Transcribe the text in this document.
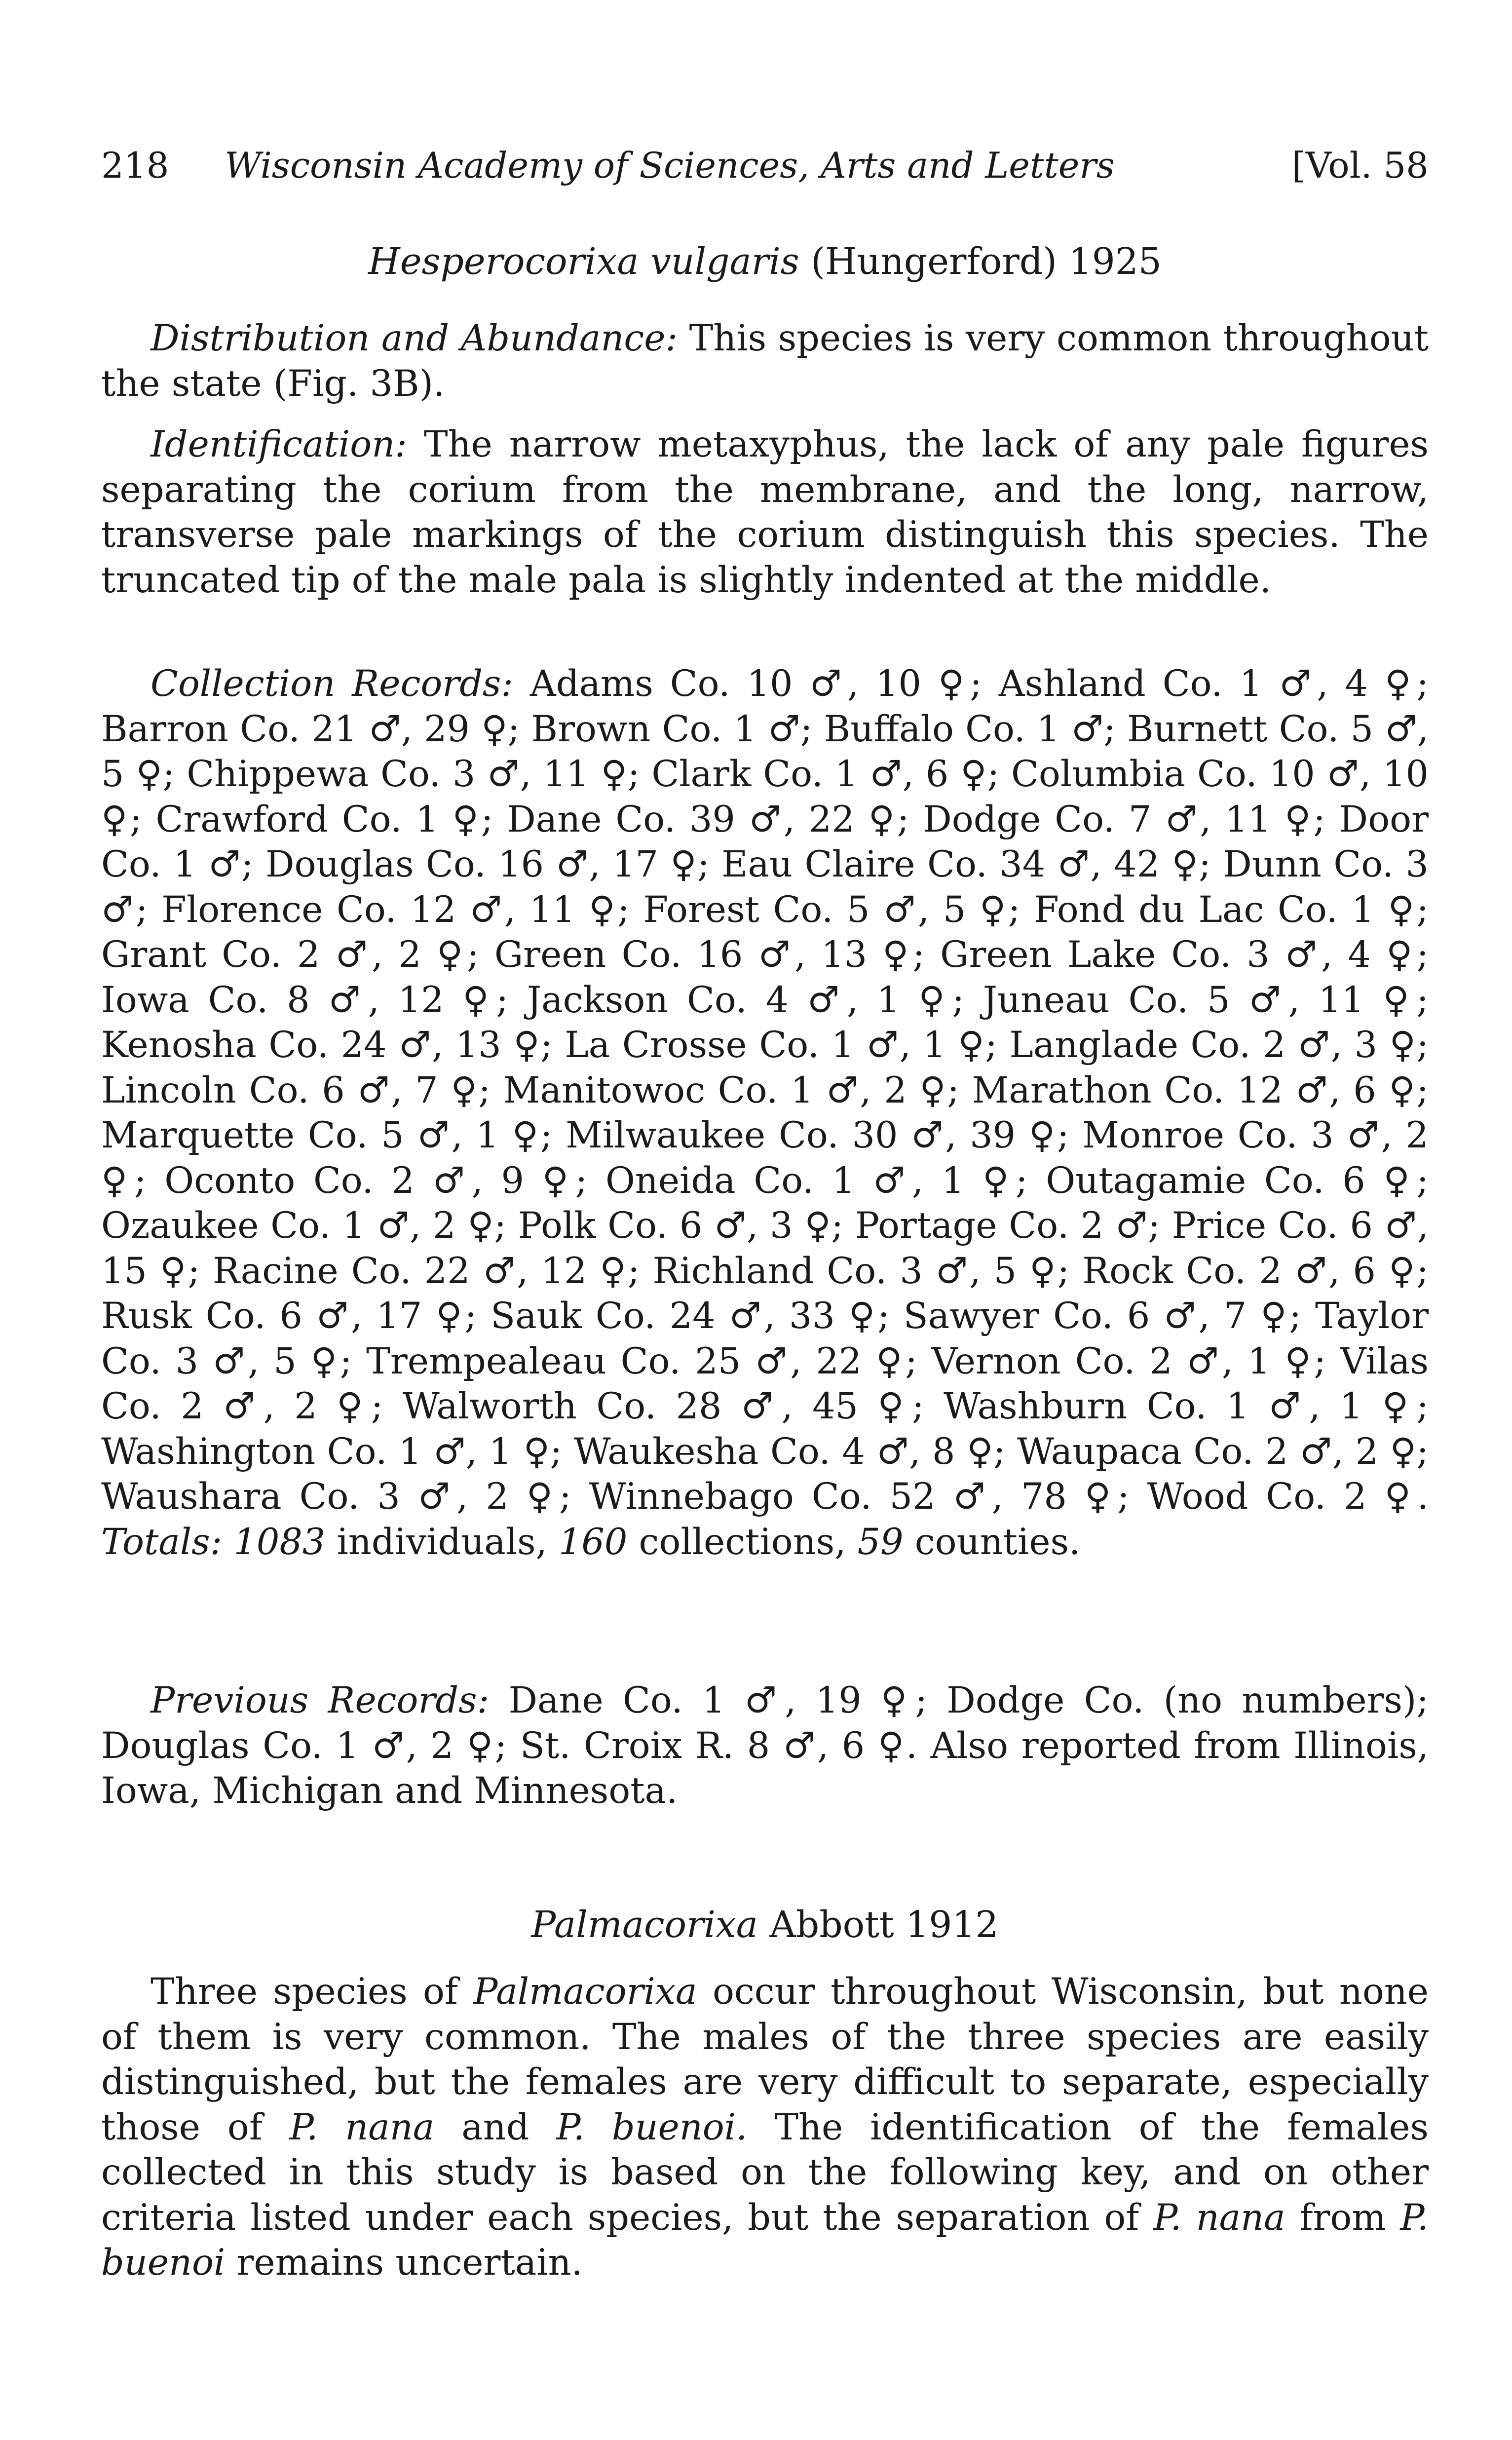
218 Wisconsin Academy of Sciences, Arts and Letters	[Vol. 58
Hesperocorixa vulgaris (Hungerford) 1925

Distribution and Abundance: This species is very common throughout the state (Fig. 3B).

Identification: The narrow metaxyphus, the lack of any pale figures separating the corium from the membrane, and the long, narrow, transverse pale markings of the corium distinguish this species. The truncated tip of the male pala is slightly indented at the middle.

Collection Records: Adams Co. 10 ♂, 10 ♀; Ashland Co. 1 ♂, 4 ♀; Barron Co. 21 ♂, 29 ♀; Brown Co. 1 ♂; Buffalo Co. 1 ♂; Burnett Co. 5 ♂, 5 ♀; Chippewa Co. 3 ♂, 11 ♀; Clark Co. 1 ♂, 6 ♀; Columbia Co. 10 ♂, 10 ♀; Crawford Co. 1 ♀; Dane Co. 39 ♂, 22 ♀; Dodge Co. 7 ♂, 11 ♀; Door Co. 1 ♂; Douglas Co. 16 ♂, 17 ♀; Eau Claire Co. 34 ♂, 42 ♀; Dunn Co. 3 ♂; Florence Co. 12 ♂, 11 ♀; Forest Co. 5 ♂, 5 ♀; Fond du Lac Co. 1 ♀; Grant Co. 2 ♂, 2 ♀; Green Co. 16 ♂, 13 ♀; Green Lake Co. 3 ♂, 4 ♀; Iowa Co. 8 ♂, 12 ♀; Jackson Co. 4 ♂, 1 ♀; Juneau Co. 5 ♂, 11 ♀; Kenosha Co. 24 ♂, 13 ♀; La Crosse Co. 1 ♂, 1 ♀; Langlade Co. 2 ♂, 3 ♀; Lincoln Co. 6 ♂, 7 ♀; Manitowoc Co. 1 ♂, 2 ♀; Marathon Co. 12 ♂, 6 ♀; Marquette Co. 5 ♂, 1 ♀; Milwaukee Co. 30 ♂, 39 ♀; Monroe Co. 3 ♂, 2 ♀; Oconto Co. 2 ♂, 9 ♀; Oneida Co. 1 ♂, 1 ♀; Outagamie Co. 6 ♀; Ozaukee Co. 1 ♂, 2 ♀; Polk Co. 6 ♂, 3 ♀; Portage Co. 2 ♂; Price Co. 6 ♂, 15 ♀; Racine Co. 22 ♂, 12 ♀; Richland Co. 3 ♂, 5 ♀; Rock Co. 2 ♂, 6 ♀; Rusk Co. 6 ♂, 17 ♀; Sauk Co. 24 ♂, 33 ♀; Sawyer Co. 6 ♂, 7 ♀; Taylor Co. 3 ♂, 5 ♀; Trempealeau Co. 25 ♂, 22 ♀; Vernon Co. 2 ♂, 1 ♀; Vilas Co. 2 ♂, 2 ♀; Walworth Co. 28 ♂, 45 ♀; Washburn Co. 1 ♂, 1 ♀; Washington Co. 1 ♂, 1 ♀; Waukesha Co. 4 ♂, 8 ♀; Waupaca Co. 2 ♂, 2 ♀; Waushara Co. 3 ♂, 2 ♀; Winnebago Co. 52 ♂, 78 ♀; Wood Co. 2 ♀. Totals: 1083 individuals, 160 collections, 59 counties.

Previous Records: Dane Co. 1 ♂, 19 ♀; Dodge Co. (no numbers); Douglas Co. 1 ♂, 2 ♀; St. Croix R. 8 ♂, 6 ♀. Also reported from Illinois, Iowa, Michigan and Minnesota.

Palmacorixa Abbott 1912

Three species of Palmacorixa occur throughout Wisconsin, but none of them is very common. The males of the three species are easily distinguished, but the females are very difficult to separate, especially those of P. nana and P. buenoi. The identification of the females collected in this study is based on the following key, and on other criteria listed under each species, but the separation of P. nana from P. buenoi remains uncertain.
